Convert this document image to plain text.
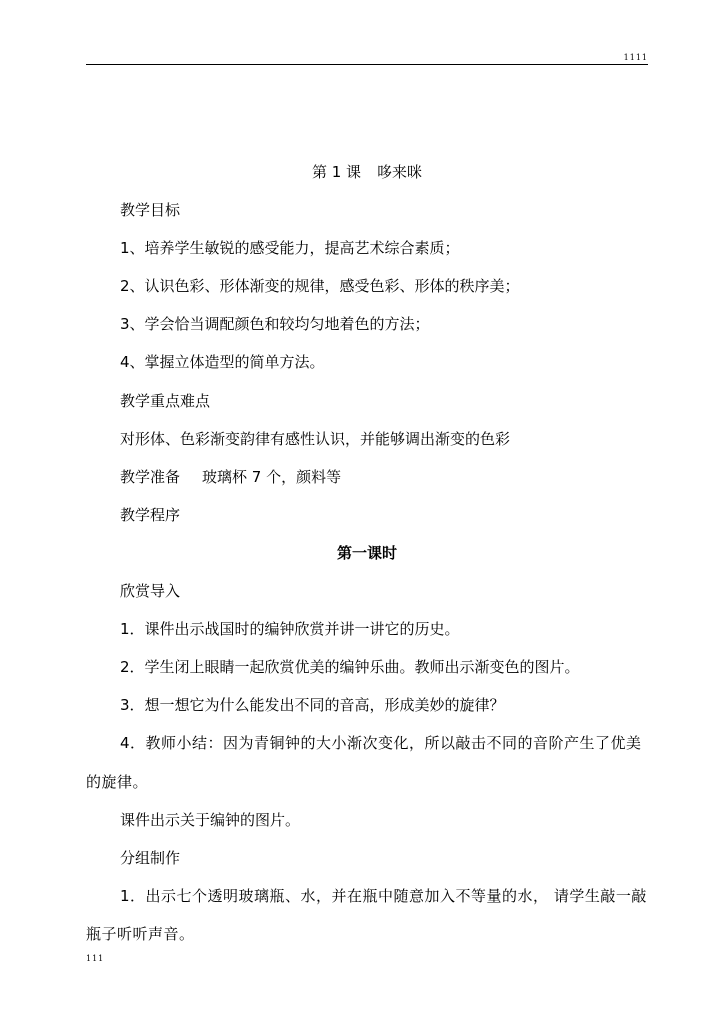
1111
第 1 课 哆来咪
教学目标
1、培养学生敏锐的感受能力，提高艺术综合素质；
2、认识色彩、形体渐变的规律，感受色彩、形体的秩序美；
3、学会恰当调配颜色和较均匀地着色的方法；
4、掌握立体造型的简单方法。
教学重点难点
对形体、色彩渐变韵律有感性认识，并能够调出渐变的色彩
教学准备 玻璃杯 7 个，颜料等
教学程序
第一课时
欣赏导入
1．课件出示战国时的编钟欣赏并讲一讲它的历史。
2．学生闭上眼睛一起欣赏优美的编钟乐曲。教师出示渐变色的图片。
3．想一想它为什么能发出不同的音高，形成美妙的旋律？
4．教师小结：因为青铜钟的大小渐次变化，所以敲击不同的音阶产生了优美的旋律。
课件出示关于编钟的图片。
分组制作
1．出示七个透明玻璃瓶、水，并在瓶中随意加入不等量的水， 请学生敲一敲瓶子听听声音。
111
